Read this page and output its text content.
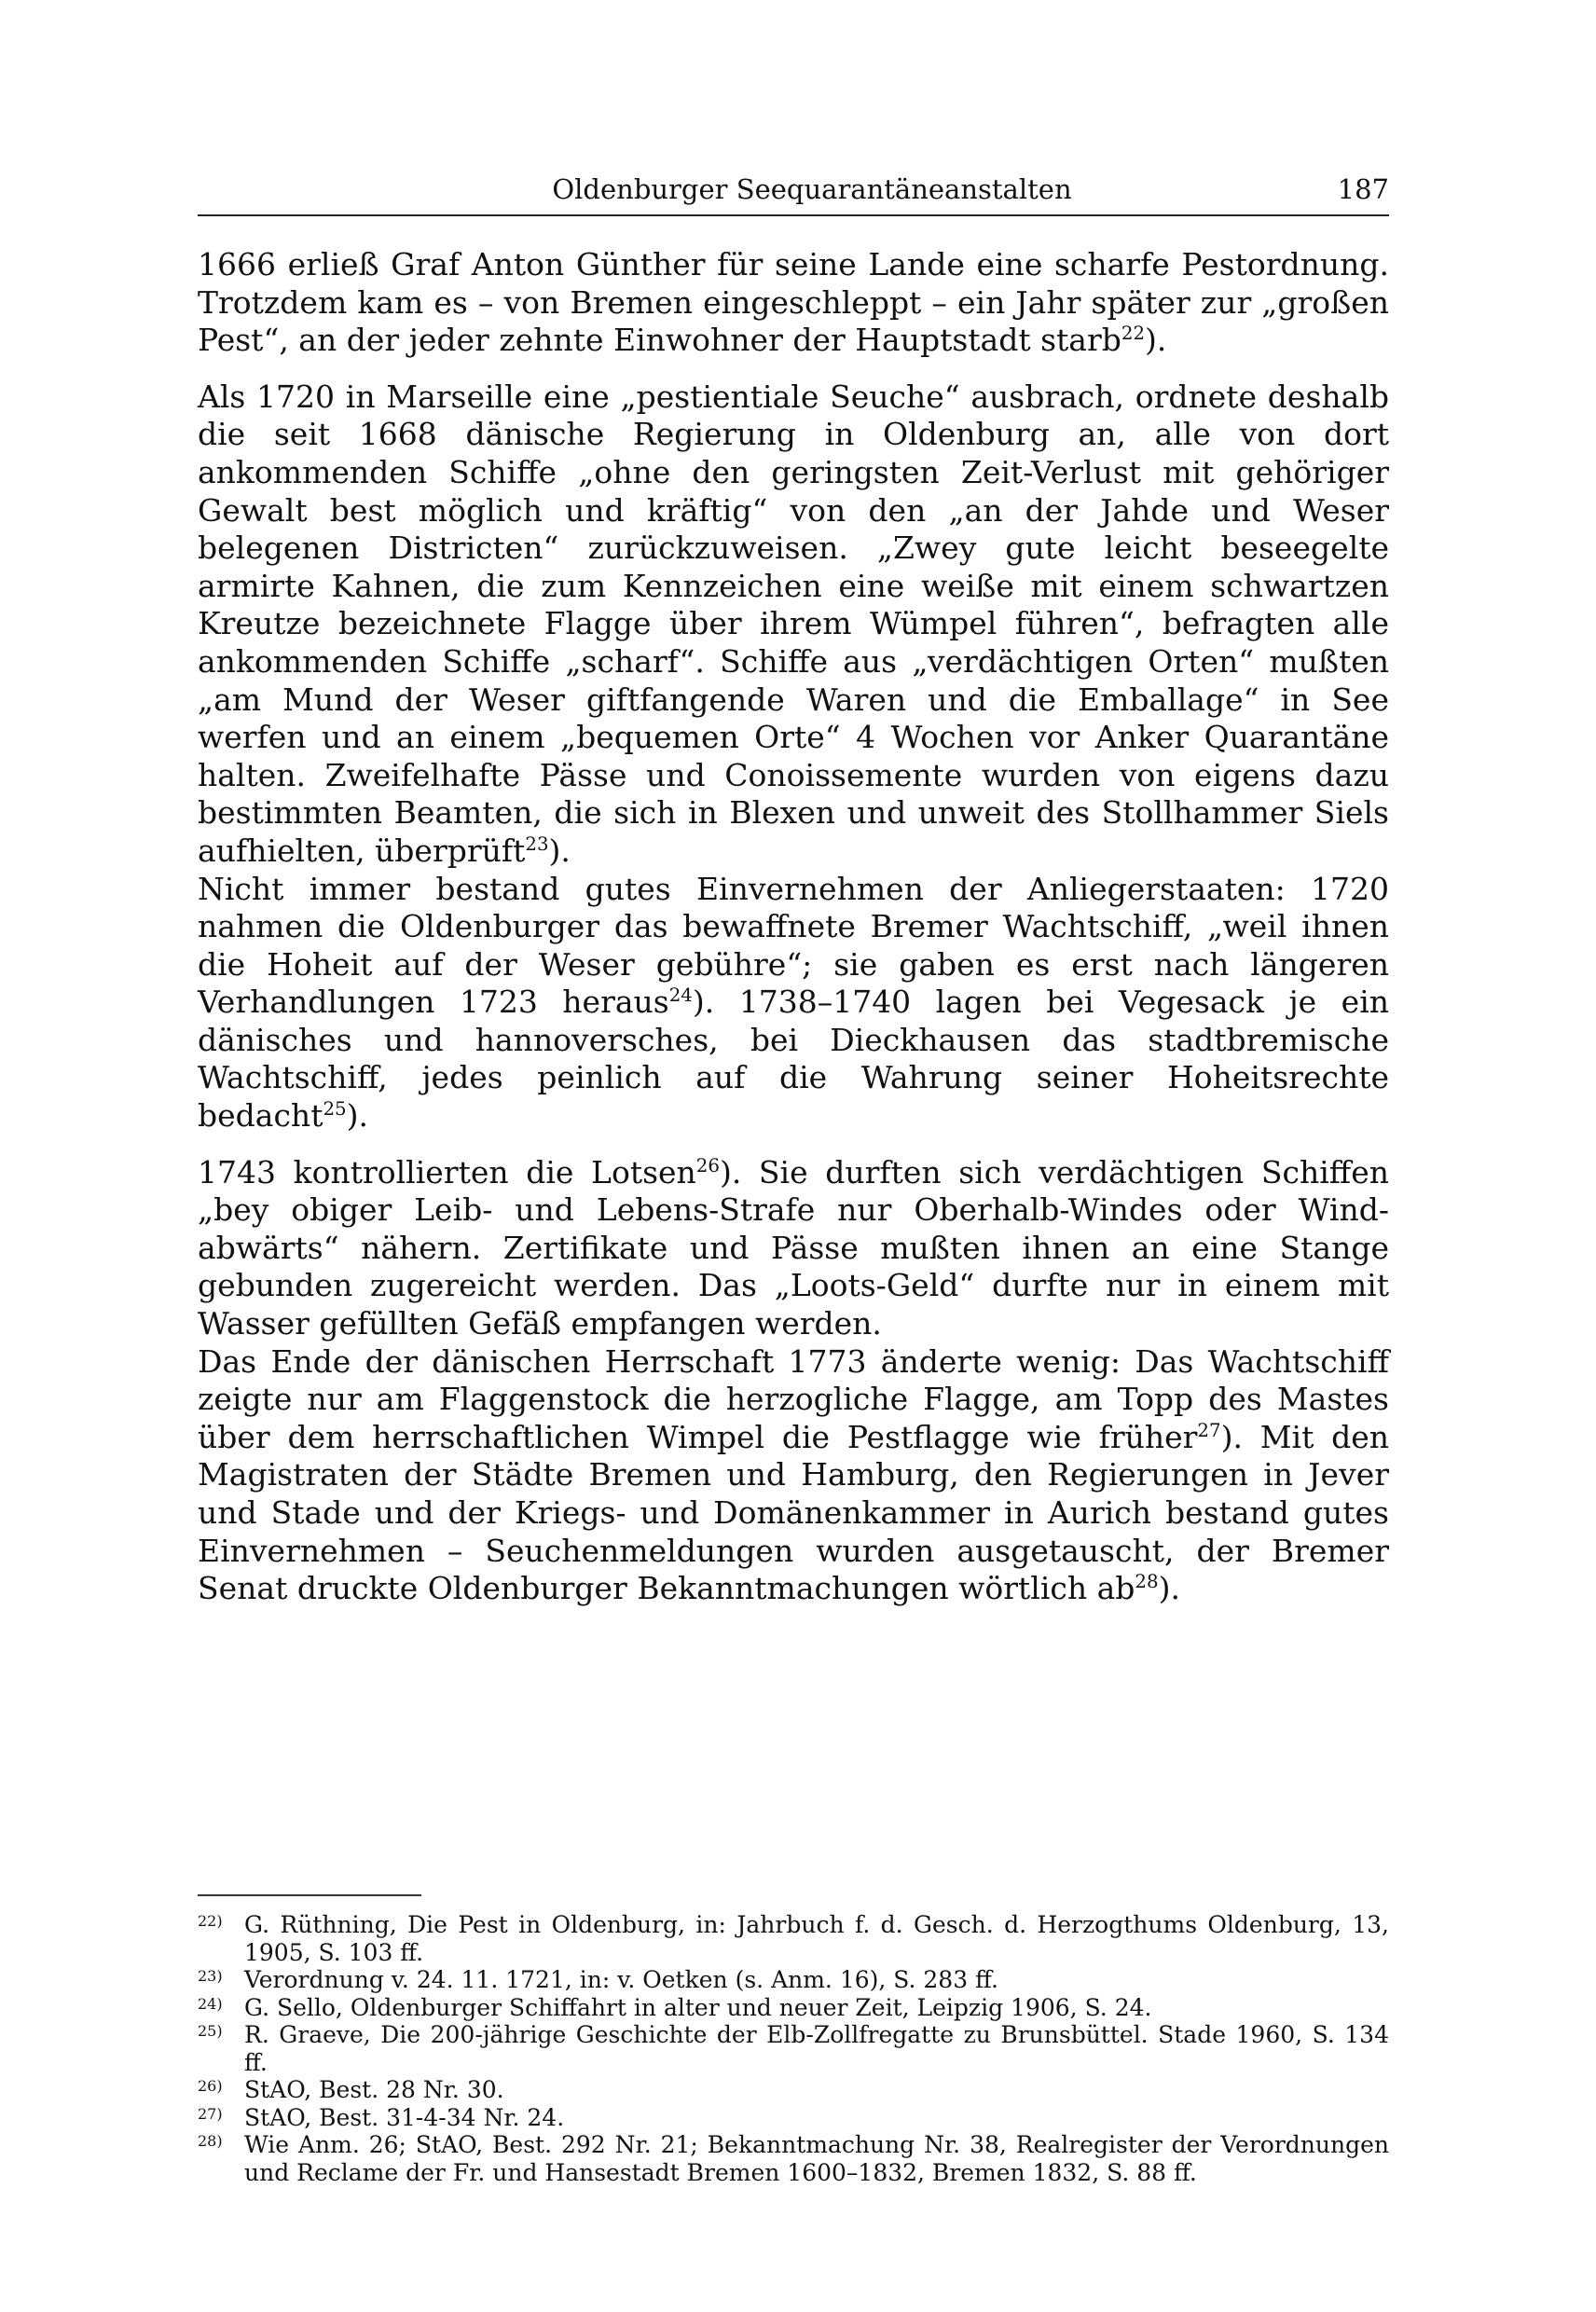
Oldenburger Seequarantäneanstalten	187

1666 erließ Graf Anton Günther für seine Lande eine scharfe Pestordnung. Trotzdem kam es – von Bremen eingeschleppt – ein Jahr später zur „großen Pest“, an der jeder zehnte Einwohner der Hauptstadt starb$^{22}$).

Als 1720 in Marseille eine „pestientiale Seuche“ ausbrach, ordnete deshalb die seit 1668 dänische Regierung in Oldenburg an, alle von dort ankommenden Schiffe „ohne den geringsten Zeit-Verlust mit gehöriger Gewalt best möglich und kräftig“ von den „an der Jahde und Weser belegenen Districten“ zurückzuweisen. „Zwey gute leicht beseegelte armirte Kahnen, die zum Kennzeichen eine weiße mit einem schwartzen Kreutze bezeichnete Flagge über ihrem Wümpel führen“, befragten alle ankommenden Schiffe „scharf“. Schiffe aus „verdächtigen Orten“ mußten „am Mund der Weser giftfangende Waren und die Emballage“ in See werfen und an einem „bequemen Orte“ 4 Wochen vor Anker Quarantäne halten. Zweifelhafte Pässe und Conoissemente wurden von eigens dazu bestimmten Beamten, die sich in Blexen und unweit des Stollhammer Siels aufhielten, überprüft$^{23}$).

Nicht immer bestand gutes Einvernehmen der Anliegerstaaten: 1720 nahmen die Oldenburger das bewaffnete Bremer Wachtschiff, „weil ihnen die Hoheit auf der Weser gebühre“; sie gaben es erst nach längeren Verhandlungen 1723 heraus$^{24}$). 1738–1740 lagen bei Vegesack je ein dänisches und hannoversches, bei Dieckhausen das stadtbremische Wachtschiff, jedes peinlich auf die Wahrung seiner Hoheitsrechte bedacht$^{25}$).

1743 kontrollierten die Lotsen$^{26}$). Sie durften sich verdächtigen Schiffen „bey obiger Leib- und Lebens-Strafe nur Oberhalb-Windes oder Wind-abwärts“ nähern. Zertifikate und Pässe mußten ihnen an eine Stange gebunden zugereicht werden. Das „Loots-Geld“ durfte nur in einem mit Wasser gefüllten Gefäß empfangen werden.

Das Ende der dänischen Herrschaft 1773 änderte wenig: Das Wachtschiff zeigte nur am Flaggenstock die herzogliche Flagge, am Topp des Mastes über dem herrschaftlichen Wimpel die Pestflagge wie früher$^{27}$). Mit den Magistraten der Städte Bremen und Hamburg, den Regierungen in Jever und Stade und der Kriegs- und Domänenkammer in Aurich bestand gutes Einvernehmen – Seuchenmeldungen wurden ausgetauscht, der Bremer Senat druckte Oldenburger Bekanntmachungen wörtlich $ab^{28}$).

22) G. Rüthning, Die Pest in Oldenburg, in: Jahrbuch f. d. Gesch. d. Herzogthums Oldenburg, 13, 1905, S. 103 ff.
23) Verordnung v. 24. 11. 1721, in: v. Oetken (s. Anm. 16), S. 283 ff.
24) G. Sello, Oldenburger Schiffahrt in alter und neuer Zeit, Leipzig 1906, S. 24.
25) R. Graeve, Die 200-jährige Geschichte der Elb-Zollfregatte zu Brunsbüttel. Stade 1960, S. 134 ff.
26) StAO, Best. 28 Nr. 30.
27) StAO, Best. 31-4-34 Nr. 24.
28) Wie Anm. 26; StAO, Best. 292 Nr. 21; Bekanntmachung Nr. 38, Realregister der Verordnungen und Reclame der Fr. und Hansestadt Bremen 1600–1832, Bremen 1832, S. 88 ff.
